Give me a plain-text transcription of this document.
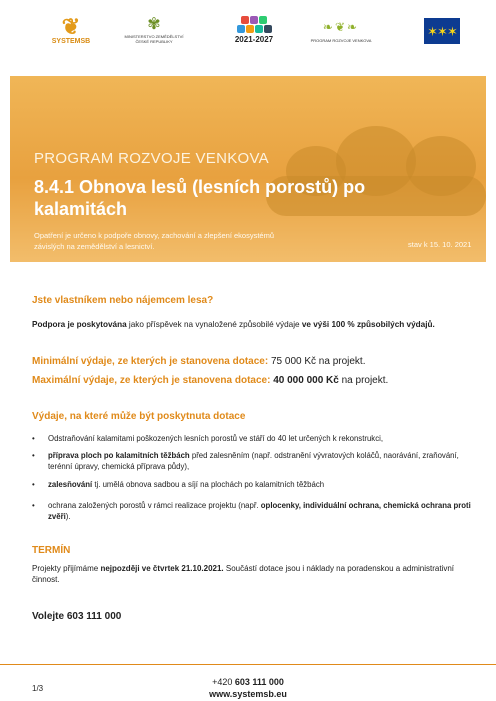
❦
SYSTEMSB
✾
MINISTERSTVO ZEMĚDĚLSTVÍ
ČESKÉ REPUBLIKY	2021-2027
❧❦❧
PROGRAM ROZVOJE VENKOVA
✶✶✶
PROGRAM ROZVOJE VENKOVA
8.4.1 Obnova lesů (lesních porostů) po kalamitách
Opatření je určeno k podpoře obnovy, zachování a zlepšení ekosystémů závislých na zemědělství a lesnictví.	stav k 15. 10. 2021
Jste vlastníkem nebo nájemcem lesa?
Podpora je poskytována jako příspěvek na vynaložené způsobilé výdaje ve výši 100 % způsobilých výdajů.
Minimální výdaje, ze kterých je stanovena dotace: 75 000 Kč na projekt.
Maximální výdaje, ze kterých je stanovena dotace: 40 000 000 Kč na projekt.
Výdaje, na které může být poskytnuta dotace
• Odstraňování kalamitami poškozených lesních porostů ve stáří do 40 let určených k rekonstrukci,
• příprava ploch po kalamitních těžbách před zalesněním (např. odstranění vývratových koláčů, naorávání, zraňování, terénní úpravy, chemická příprava půdy),
• zalesňování tj. umělá obnova sadbou a síjí na plochách po kalamitních těžbách
• ochrana založených porostů v rámci realizace projektu (např. oplocenky, individuální ochrana, chemická ochrana proti zvěři).
TERMÍN
Projekty přijímáme nejpozději ve čtvrtek 21.10.2021. Součástí dotace jsou i náklady na poradenskou a administrativní činnost.
Volejte 603 111 000
1/3
+420 603 111 000
www.systemsb.eu
